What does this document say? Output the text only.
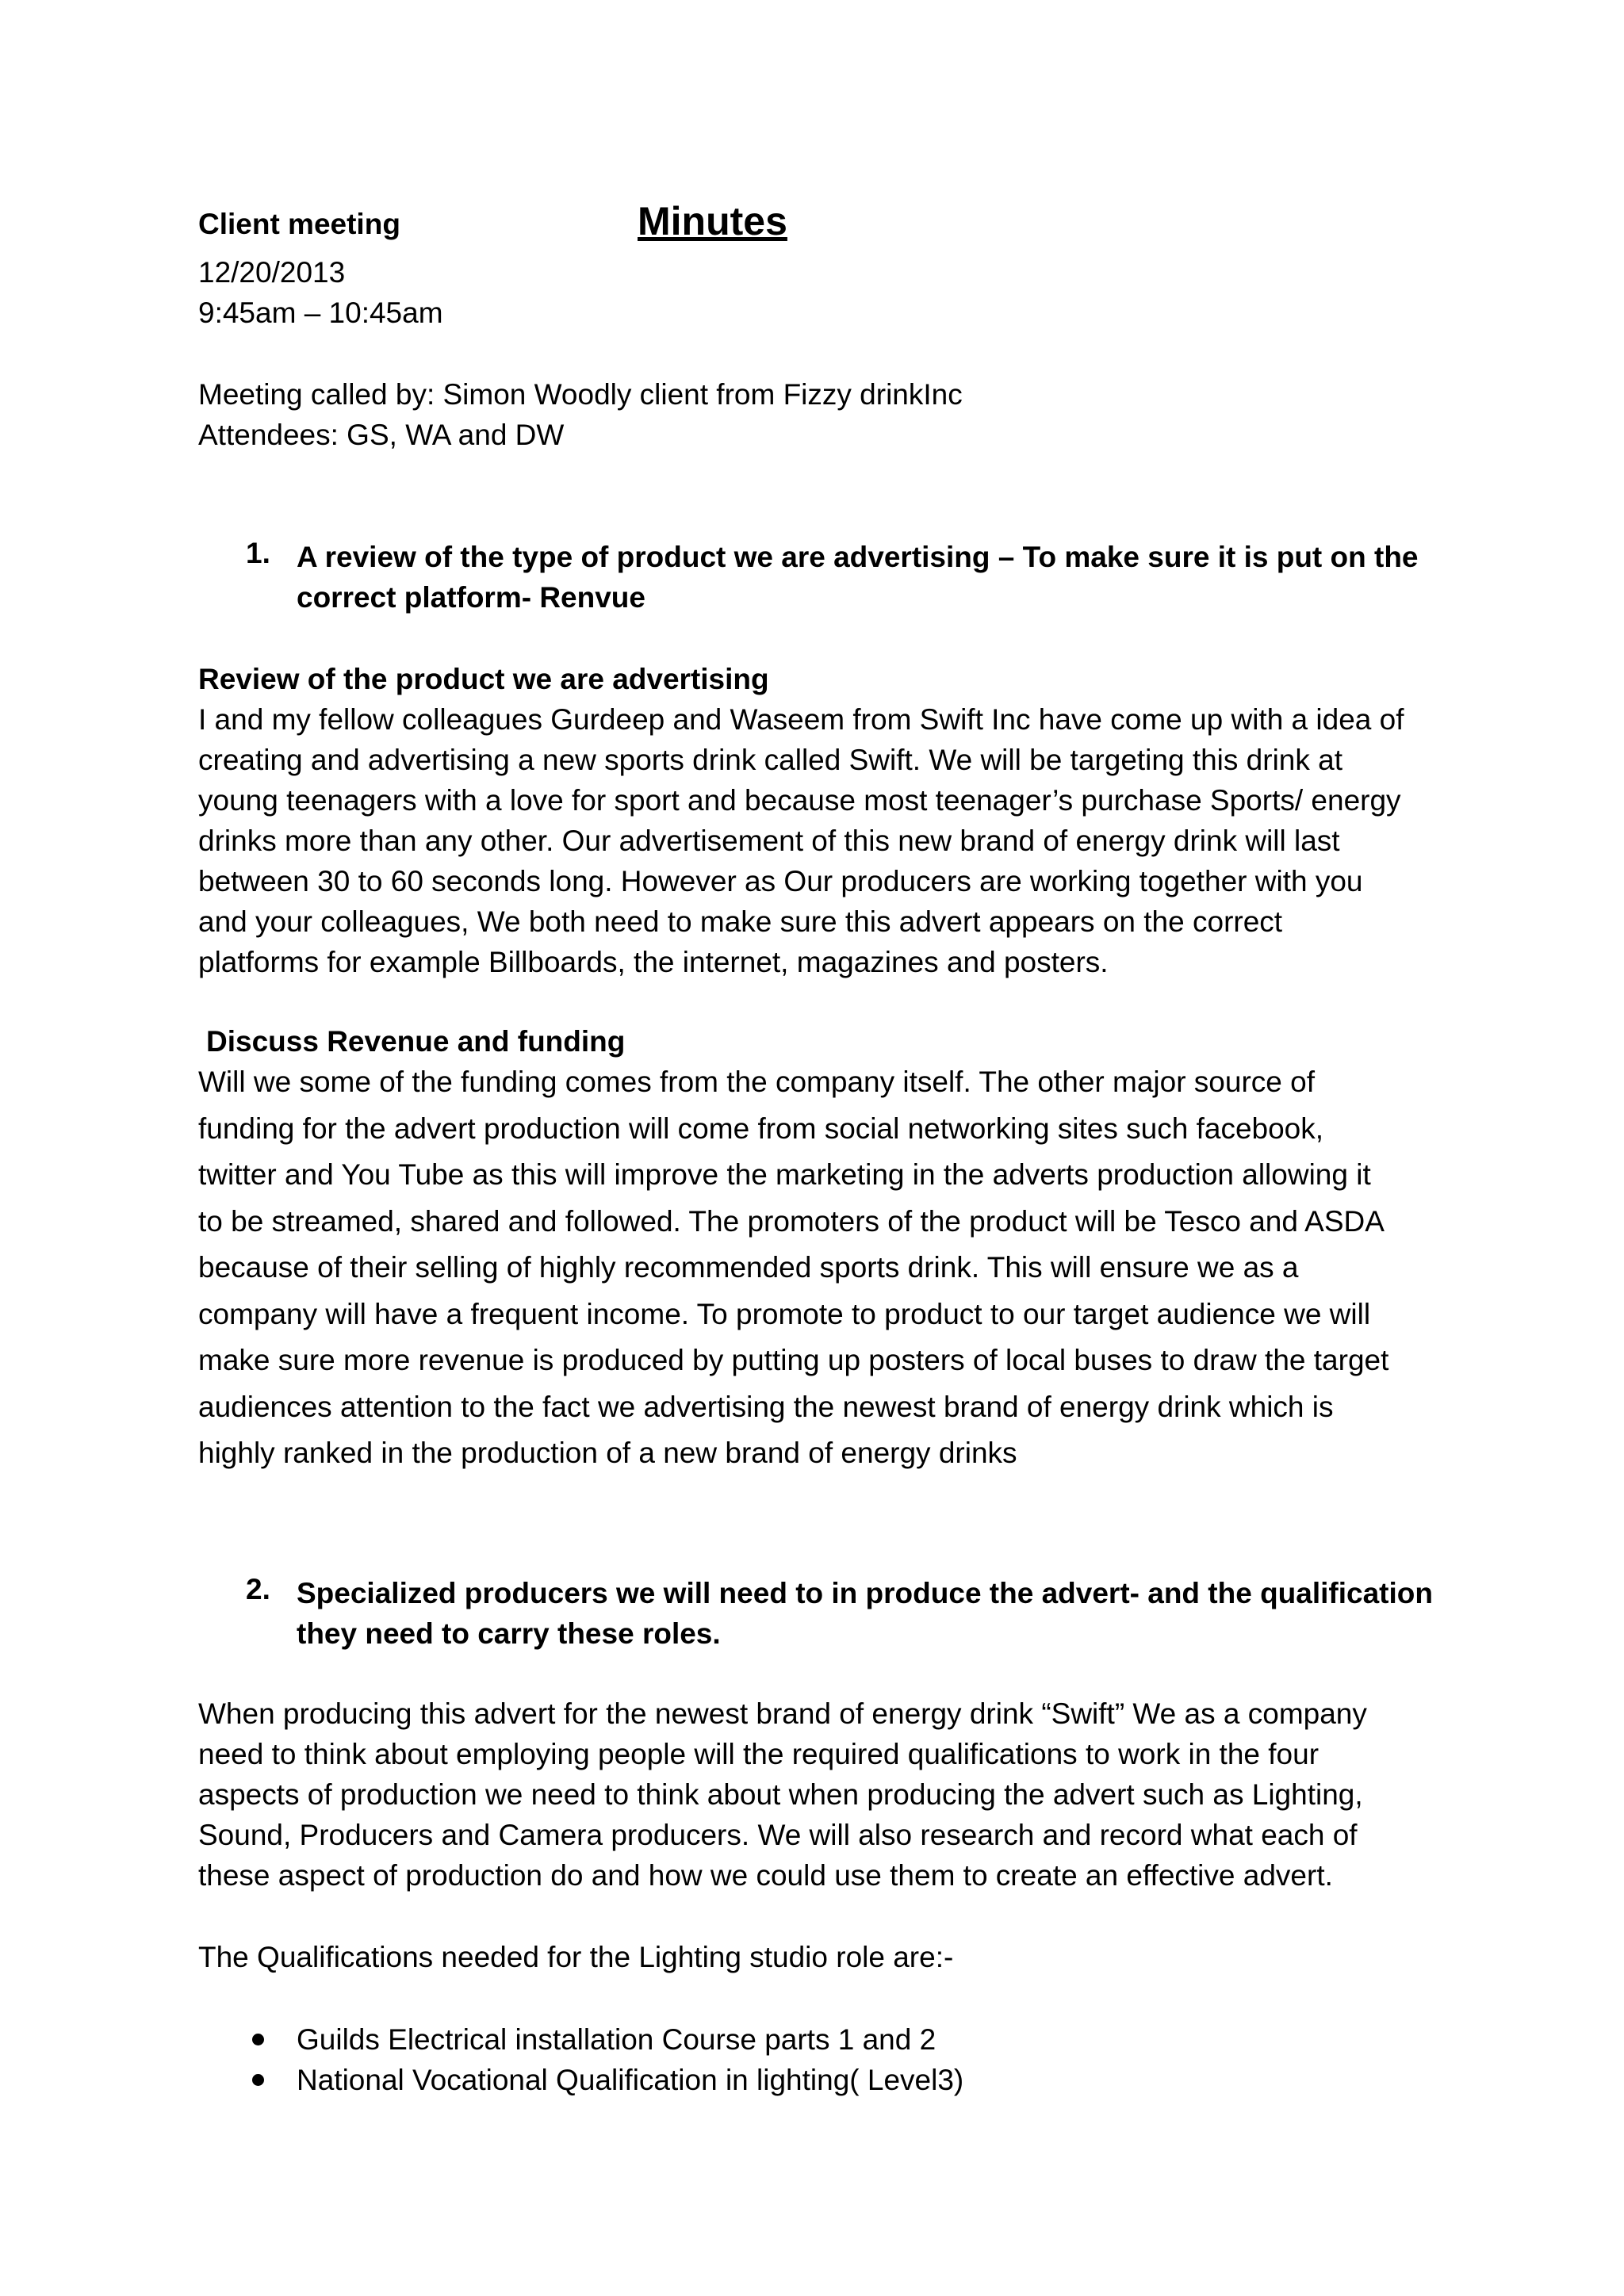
Client meeting	Minutes
12/20/2013
9:45am – 10:45am
Meeting called by: Simon Woodly client from Fizzy drinkInc
Attendees: GS, WA and DW
1. A review of the type of product we are advertising – To make sure it is put on the

correct platform- Renvue

Review of the product we are advertising

I and my fellow colleagues Gurdeep and Waseem from Swift Inc have come up with a idea of

creating and advertising a new sports drink called Swift. We will be targeting this drink at

young teenagers with a love for sport and because most teenager’s purchase Sports/ energy

drinks more than any other. Our advertisement of this new brand of energy drink will last

between 30 to 60 seconds long. However as Our producers are working together with you

and your colleagues, We both need to make sure this advert appears on the correct

platforms for example Billboards, the internet, magazines and posters.

Discuss Revenue and funding

Will we some of the funding comes from the company itself. The other major source of

funding for the advert production will come from social networking sites such facebook,

twitter and You Tube as this will improve the marketing in the adverts production allowing it

to be streamed, shared and followed. The promoters of the product will be Tesco and ASDA

because of their selling of highly recommended sports drink. This will ensure we as a

company will have a frequent income. To promote to product to our target audience we will

make sure more revenue is produced by putting up posters of local buses to draw the target

audiences attention to the fact we advertising the newest brand of energy drink which is

highly ranked in the production of a new brand of energy drinks

2. Specialized producers we will need to in produce the advert- and the qualification

they need to carry these roles.

When producing this advert for the newest brand of energy drink “Swift” We as a company

need to think about employing people will the required qualifications to work in the four

aspects of production we need to think about when producing the advert such as Lighting,

Sound, Producers and Camera producers. We will also research and record what each of

these aspect of production do and how we could use them to create an effective advert.

The Qualifications needed for the Lighting studio role are:-
Guilds Electrical installation Course parts 1 and 2
National Vocational Qualification in lighting( Level3)
